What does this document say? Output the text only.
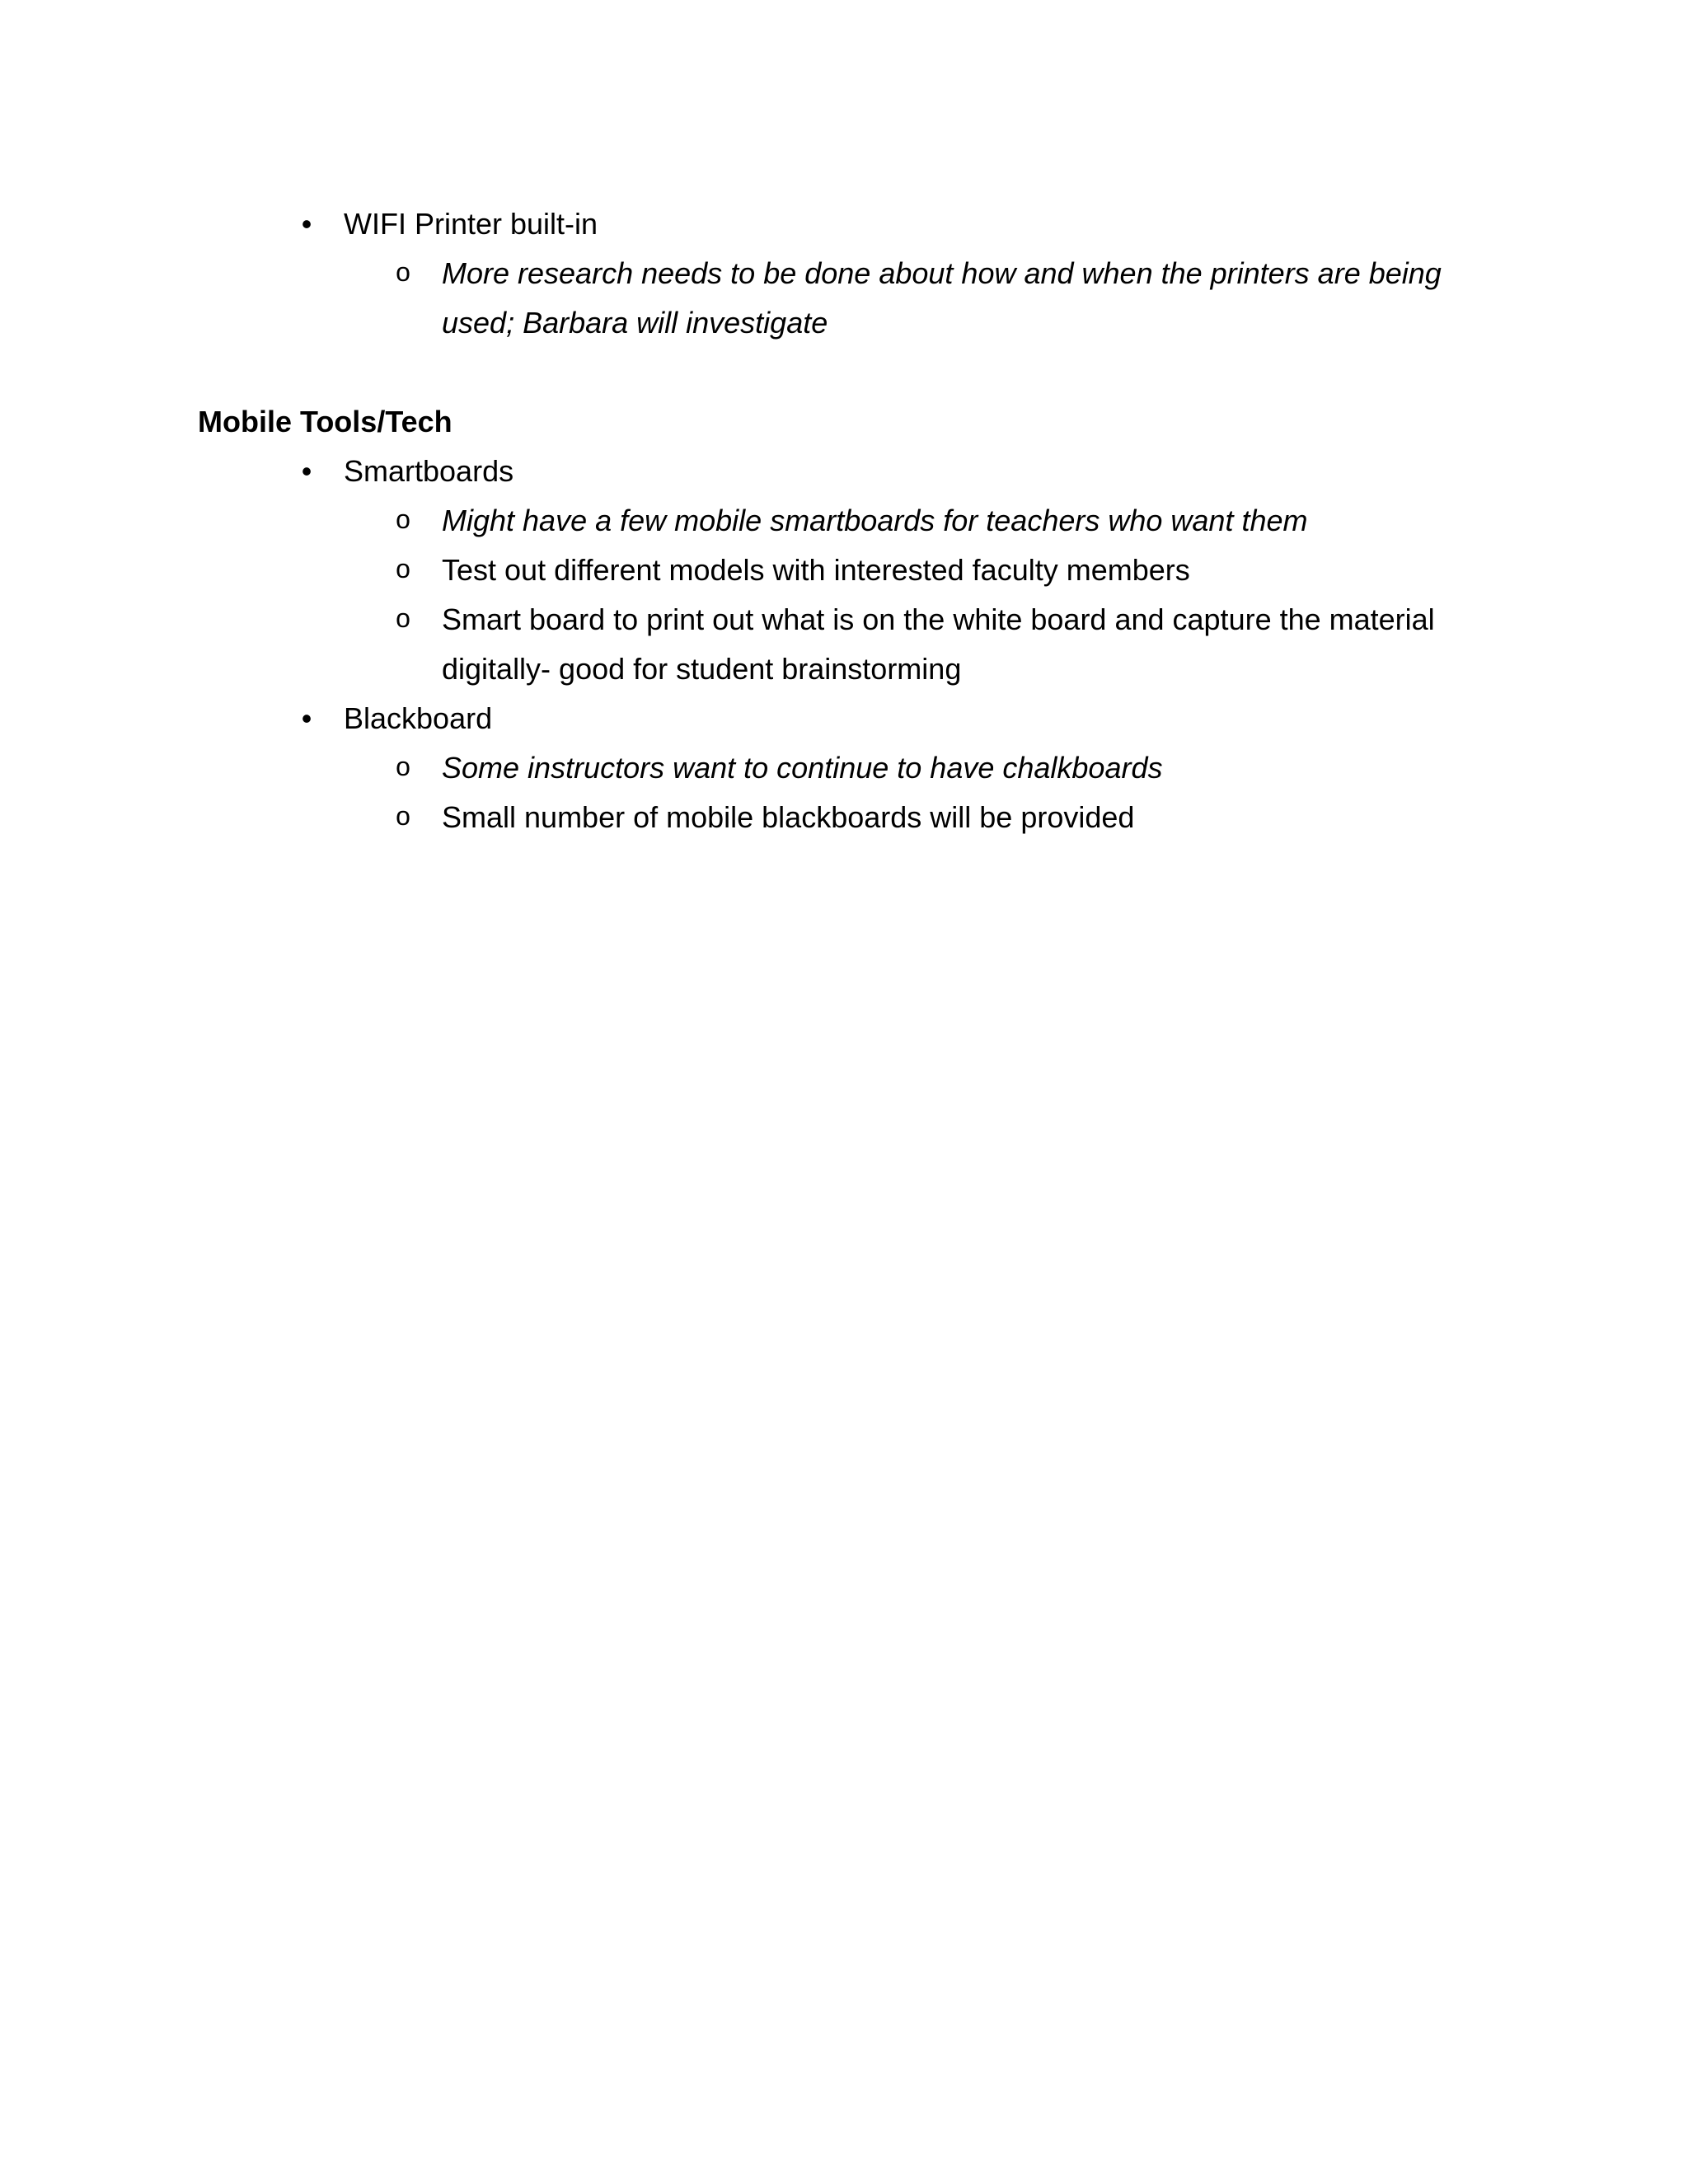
• WIFI Printer built-in
o More research needs to be done about how and when the printers are being used; Barbara will investigate
Mobile Tools/Tech
• Smartboards
o Might have a few mobile smartboards for teachers who want them
o Test out different models with interested faculty members
o Smart board to print out what is on the white board and capture the material digitally- good for student brainstorming
• Blackboard
o Some instructors want to continue to have chalkboards
o Small number of mobile blackboards will be provided
